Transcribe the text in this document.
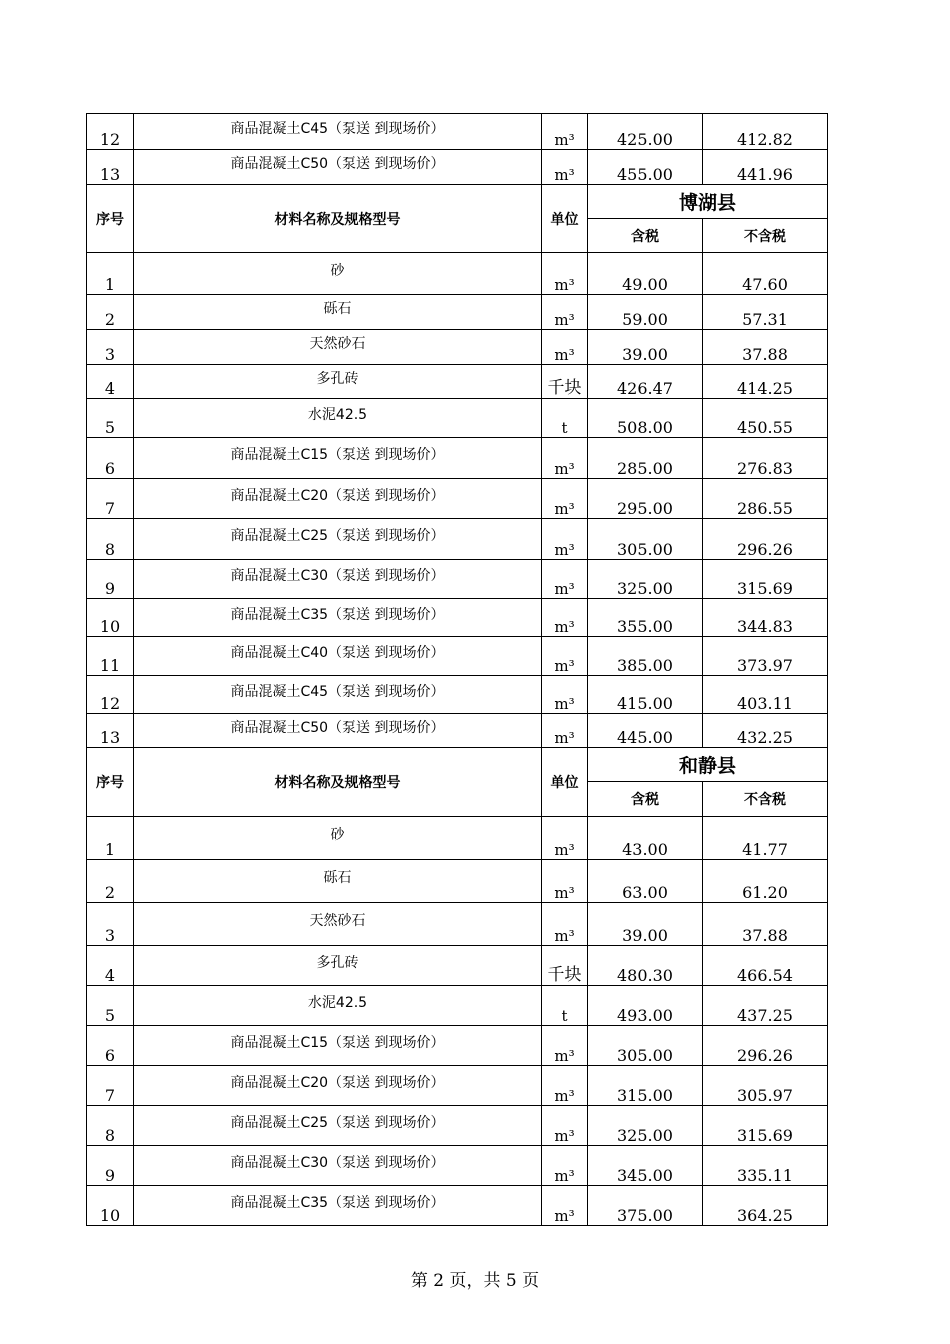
12	商品混凝土C45（泵送 到现场价）	m³	425.00	412.82
13	商品混凝土C50（泵送 到现场价）	m³	455.00	441.96
序号	材料名称及规格型号	单位	博湖县	
			含税	不含税
1	砂	m³	49.00	47.60
2	砾石	m³	59.00	57.31
3	天然砂石	m³	39.00	37.88
4	多孔砖	千块	426.47	414.25
5	水泥42.5	t	508.00	450.55
6	商品混凝土C15（泵送 到现场价）	m³	285.00	276.83
7	商品混凝土C20（泵送 到现场价）	m³	295.00	286.55
8	商品混凝土C25（泵送 到现场价）	m³	305.00	296.26
9	商品混凝土C30（泵送 到现场价）	m³	325.00	315.69
10	商品混凝土C35（泵送 到现场价）	m³	355.00	344.83
11	商品混凝土C40（泵送 到现场价）	m³	385.00	373.97
12	商品混凝土C45（泵送 到现场价）	m³	415.00	403.11
13	商品混凝土C50（泵送 到现场价）	m³	445.00	432.25
序号	材料名称及规格型号	单位	和静县	
			含税	不含税
1	砂	m³	43.00	41.77
2	砾石	m³	63.00	61.20
3	天然砂石	m³	39.00	37.88
4	多孔砖	千块	480.30	466.54
5	水泥42.5	t	493.00	437.25
6	商品混凝土C15（泵送 到现场价）	m³	305.00	296.26
7	商品混凝土C20（泵送 到现场价）	m³	315.00	305.97
8	商品混凝土C25（泵送 到现场价）	m³	325.00	315.69
9	商品混凝土C30（泵送 到现场价）	m³	345.00	335.11
10	商品混凝土C35（泵送 到现场价）	m³	375.00	364.25
第 2 页，共 5 页
